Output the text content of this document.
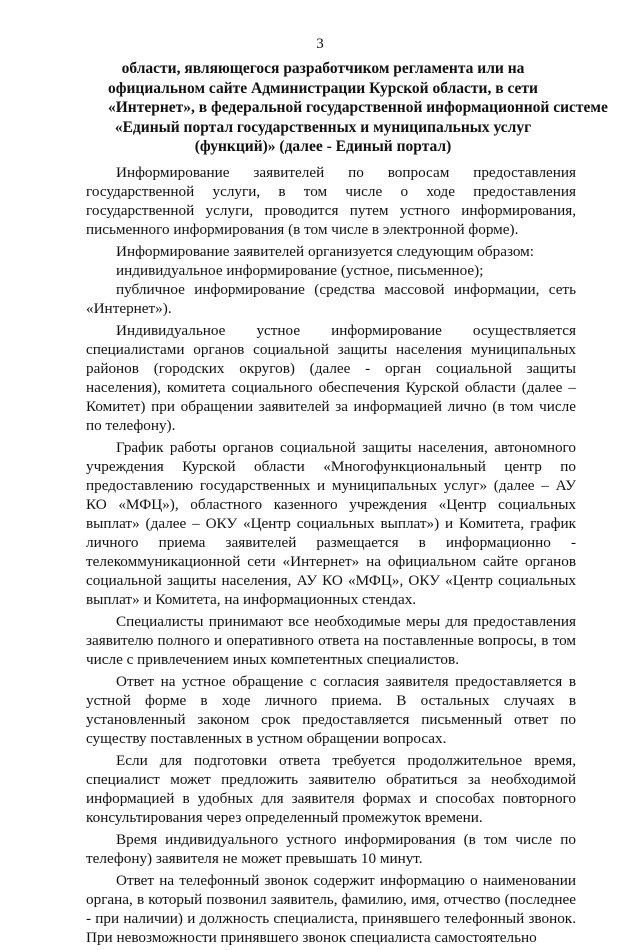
3
области, являющегося разработчиком регламента или на
официальном сайте Администрации Курской области, в сети
«Интернет», в федеральной государственной информационной системе
«Единый портал государственных и муниципальных услуг
(функций)» (далее - Единый портал)

Информирование заявителей по вопросам предоставления государственной услуги, в том числе о ходе предоставления государственной услуги, проводится путем устного информирования, письменного информирования (в том числе в электронной форме).

Информирование заявителей организуется следующим образом:

индивидуальное информирование (устное, письменное);

публичное информирование (средства массовой информации, сеть «Интернет»).

Индивидуальное устное информирование осуществляется специалистами органов социальной защиты населения муниципальных районов (городских округов) (далее - орган социальной защиты населения), комитета социального обеспечения Курской области (далее – Комитет) при обращении заявителей за информацией лично (в том числе по телефону).

График работы органов социальной защиты населения, автономного учреждения Курской области «Многофункциональный центр по предоставлению государственных и муниципальных услуг» (далее – АУ КО «МФЦ»), областного казенного учреждения «Центр социальных выплат» (далее – ОКУ «Центр социальных выплат») и Комитета, график личного приема заявителей размещается в информационно - телекоммуникационной сети «Интернет» на официальном сайте органов социальной защиты населения, АУ КО «МФЦ», ОКУ «Центр социальных выплат» и Комитета, на информационных стендах.

Специалисты принимают все необходимые меры для предоставления заявителю полного и оперативного ответа на поставленные вопросы, в том числе с привлечением иных компетентных специалистов.

Ответ на устное обращение с согласия заявителя предоставляется в устной форме в ходе личного приема. В остальных случаях в установленный законом срок предоставляется письменный ответ по существу поставленных в устном обращении вопросах.

Если для подготовки ответа требуется продолжительное время, специалист может предложить заявителю обратиться за необходимой информацией в удобных для заявителя формах и способах повторного консультирования через определенный промежуток времени.

Время индивидуального устного информирования (в том числе по телефону) заявителя не может превышать 10 минут.

Ответ на телефонный звонок содержит информацию о наименовании органа, в который позвонил заявитель, фамилию, имя, отчество (последнее - при наличии) и должность специалиста, принявшего телефонный звонок. При невозможности принявшего звонок специалиста самостоятельно
